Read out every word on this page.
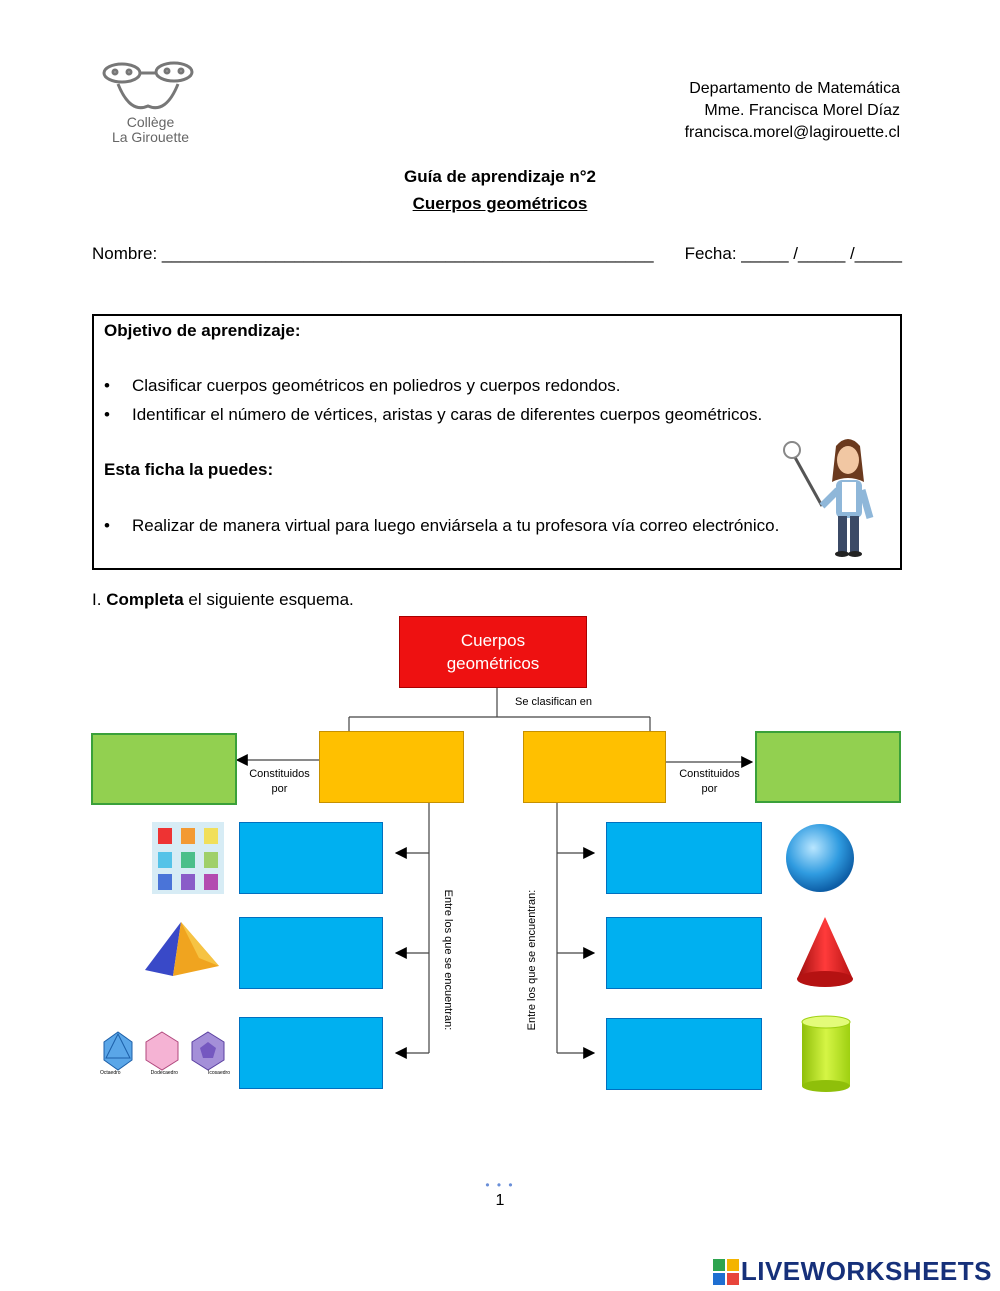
Collège
La Girouette
Departamento de Matemática
Mme. Francisca Morel Díaz
francisca.morel@lagirouette.cl
Guía de aprendizaje n°2
Cuerpos geométricos
Nombre: ____________________________________________________ Fecha: _____ /_____ /_____
Objetivo de aprendizaje:
• Clasificar cuerpos geométricos en poliedros y cuerpos redondos.
• Identificar el número de vértices, aristas y caras de diferentes cuerpos geométricos.
Esta ficha la puedes:
• Realizar de manera virtual para luego enviársela a tu profesora vía correo electrónico.
I. Completa el siguiente esquema.
Cuerpos
geométricos
Se clasifican en
Constituidos
por
Constituidos
por
Entre los que se encuentran:	Entre los que se encuentran:
Octaedro	Dodecaedro	Icosaedro
• • •
1
LIVEWORKSHEETS
